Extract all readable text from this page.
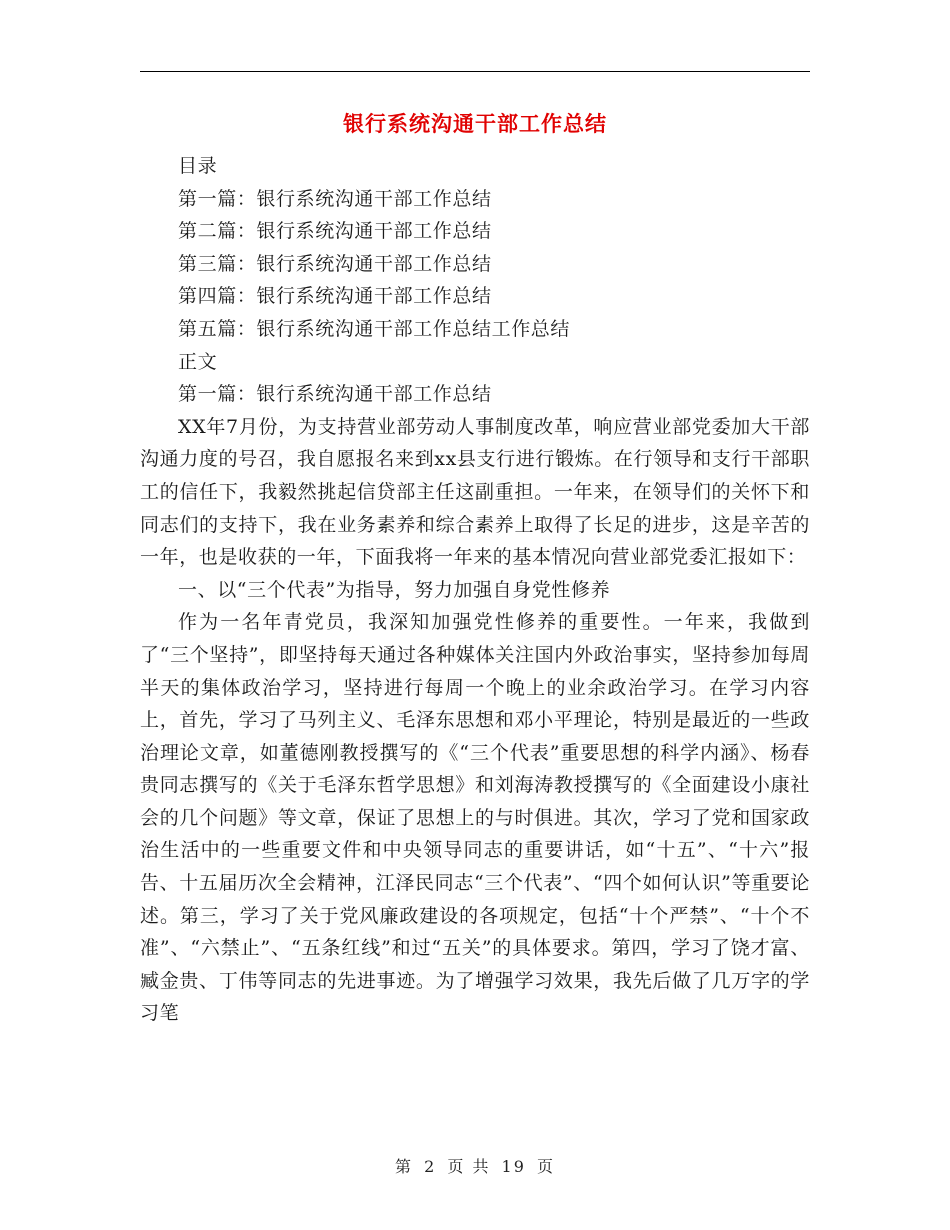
银行系统沟通干部工作总结

目录

第一篇：银行系统沟通干部工作总结

第二篇：银行系统沟通干部工作总结

第三篇：银行系统沟通干部工作总结

第四篇：银行系统沟通干部工作总结

第五篇：银行系统沟通干部工作总结工作总结

正文

第一篇：银行系统沟通干部工作总结

XX年7月份，为支持营业部劳动人事制度改革，响应营业部党委加大干部沟通力度的号召，我自愿报名来到xx县支行进行锻炼。在行领导和支行干部职工的信任下，我毅然挑起信贷部主任这副重担。一年来，在领导们的关怀下和同志们的支持下，我在业务素养和综合素养上取得了长足的进步，这是辛苦的一年，也是收获的一年，下面我将一年来的基本情况向营业部党委汇报如下：

一、以“三个代表”为指导，努力加强自身党性修养

作为一名年青党员，我深知加强党性修养的重要性。一年来，我做到了“三个坚持”，即坚持每天通过各种媒体关注国内外政治事实，坚持参加每周半天的集体政治学习，坚持进行每周一个晚上的业余政治学习。在学习内容上，首先，学习了马列主义、毛泽东思想和邓小平理论，特别是最近的一些政治理论文章，如董德刚教授撰写的《“三个代表”重要思想的科学内涵》、杨春贵同志撰写的《关于毛泽东哲学思想》和刘海涛教授撰写的《全面建设小康社会的几个问题》等文章，保证了思想上的与时俱进。其次，学习了党和国家政治生活中的一些重要文件和中央领导同志的重要讲话，如“十五”、“十六”报告、十五届历次全会精神，江泽民同志“三个代表”、“四个如何认识”等重要论述。第三，学习了关于党风廉政建设的各项规定，包括“十个严禁”、“十个不准”、“六禁止”、“五条红线”和过“五关”的具体要求。第四，学习了饶才富、臧金贵、丁伟等同志的先进事迹。为了增强学习效果，我先后做了几万字的学习笔

第 2 页 共 19 页
